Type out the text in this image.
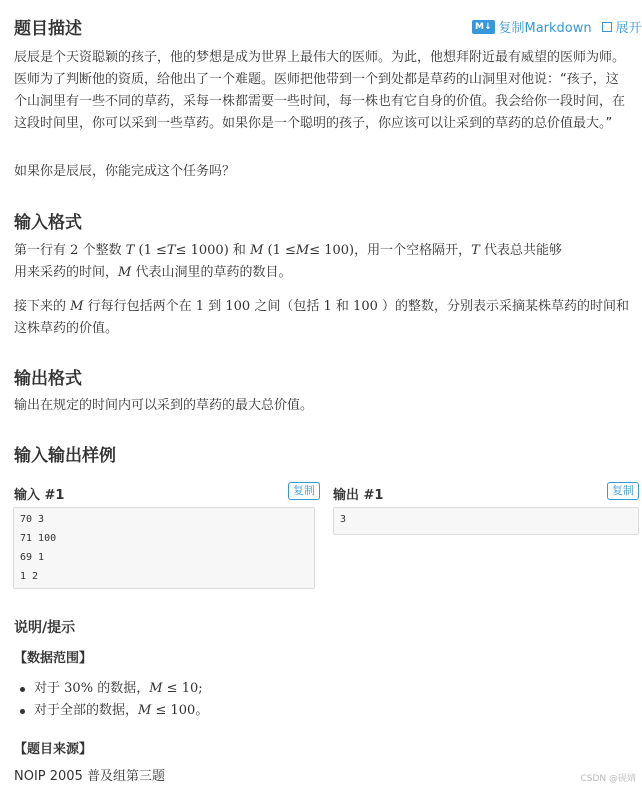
题目描述	M↓ 复制Markdown 展开
辰辰是个天资聪颖的孩子，他的梦想是成为世界上最伟大的医师。为此，他想拜附近最有威望的医师为师。医师为了判断他的资质，给他出了一个难题。医师把他带到一个到处都是草药的山洞里对他说：“孩子，这个山洞里有一些不同的草药，采每一株都需要一些时间，每一株也有它自身的价值。我会给你一段时间，在这段时间里，你可以采到一些草药。如果你是一个聪明的孩子，你应该可以让采到的草药的总价值最大。”
如果你是辰辰，你能完成这个任务吗？
输入格式
第一行有 2 个整数 T (1 ≤T≤ 1000) 和 M (1 ≤M≤ 100)，用一个空格隔开，T 代表总共能够
用来采药的时间，M 代表山洞里的草药的数目。
接下来的 M 行每行包括两个在 1 到 100 之间（包括 1 和 100 ）的整数，分别表示采摘某株草药的时间和
这株草药的价值。
输出格式
输出在规定的时间内可以采到的草药的最大总价值。
输入输出样例
输入 #1	复制
70 3
71 100
69 1
1 2
输出 #1	复制
3
说明/提示
【数据范围】
对于 30% 的数据，M ≤ 10;
对于全部的数据，M ≤ 100。
【题目来源】
NOIP 2005 普及组第三题	CSDN @砚婧
